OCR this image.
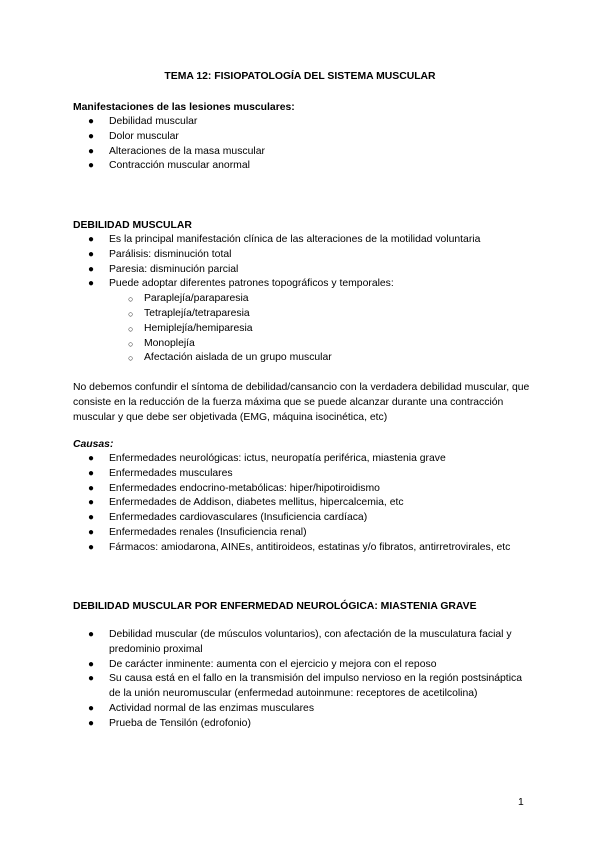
TEMA 12: FISIOPATOLOGÍA DEL SISTEMA MUSCULAR
Manifestaciones de las lesiones musculares:
● Debilidad muscular
● Dolor muscular
● Alteraciones de la masa muscular
● Contracción muscular anormal
DEBILIDAD MUSCULAR
● Es la principal manifestación clínica de las alteraciones de la motilidad voluntaria
● Parálisis: disminución total
● Paresia: disminución parcial
● Puede adoptar diferentes patrones topográficos y temporales:
○ Paraplejía/paraparesia
○ Tetraplejía/tetraparesia
○ Hemiplejía/hemiparesia
○ Monoplejía
○ Afectación aislada de un grupo muscular

No debemos confundir el síntoma de debilidad/cansancio con la verdadera debilidad muscular, que consiste en la reducción de la fuerza máxima que se puede alcanzar durante una contracción muscular y que debe ser objetivada (EMG, máquina isocinética, etc)

Causas:
● Enfermedades neurológicas: ictus, neuropatía periférica, miastenia grave
● Enfermedades musculares
● Enfermedades endocrino-metabólicas: hiper/hipotiroidismo
● Enfermedades de Addison, diabetes mellitus, hipercalcemia, etc
● Enfermedades cardiovasculares (Insuficiencia cardíaca)
● Enfermedades renales (Insuficiencia renal)
● Fármacos: amiodarona, AINEs, antitiroideos, estatinas y/o fibratos, antirretrovirales, etc
DEBILIDAD MUSCULAR POR ENFERMEDAD NEUROLÓGICA: MIASTENIA GRAVE
● Debilidad muscular (de músculos voluntarios), con afectación de la musculatura facial y predominio proximal
● De carácter inminente: aumenta con el ejercicio y mejora con el reposo
● Su causa está en el fallo en la transmisión del impulso nervioso en la región postsináptica de la unión neuromuscular (enfermedad autoinmune: receptores de acetilcolina)
● Actividad normal de las enzimas musculares
● Prueba de Tensilón (edrofonio)
1
